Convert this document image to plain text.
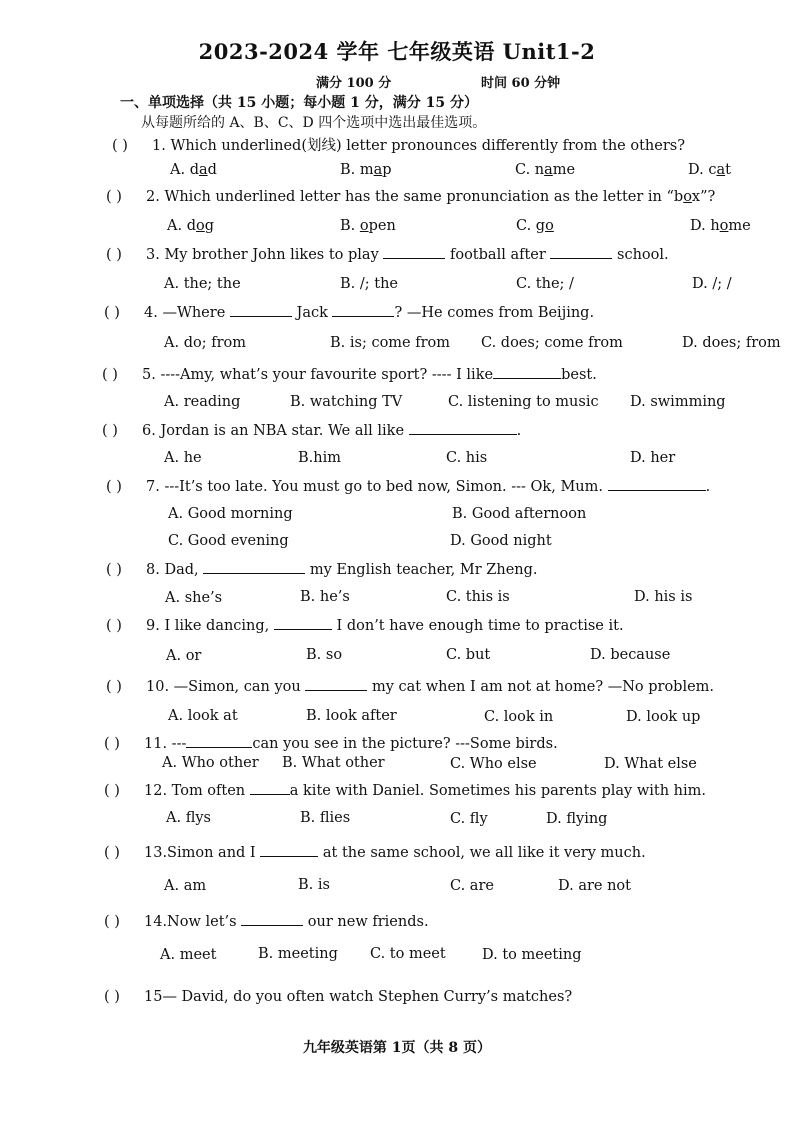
2023-2024 学年 七年级英语 Unit1-2
满分 100 分	时间 60 分钟
一、单项选择（共 15 小题；每小题 1 分，满分 15 分）
从每题所给的 A、B、C、D 四个选项中选出最佳选项。
( ) 1. Which underlined(划线) letter pronounces differently from the others?
A. dad	B. map	C. name	D. cat
( ) 2. Which underlined letter has the same pronunciation as the letter in “box”?
A. dog	B. open	C. go	D. home
( ) 3. My brother John likes to play	football after	school.
A. the; the	B. /; the	C. the; /	D. /; /
( ) 4. —Where	Jack	? —He comes from Beijing.
A. do; from	B. is; come from C. does; come from	D. does; from
( ) 5. ----Amy, what’s your favourite sport? ---- I like	best.
A. reading	B. watching TV	C. listening to music D. swimming
( ) 6. Jordan is an NBA star. We all like	.
A. he	B.him	C. his	D. her
( ) 7. ---It’s too late. You must go to bed now, Simon. --- Ok, Mum.	.
A. Good morning	B. Good afternoon
C. Good evening	D. Good night
( ) 8. Dad,	my English teacher, Mr Zheng.
A. she’s	B. he’s	C. this is	D. his is
( ) 9. I like dancing,	I don’t have enough time to practise it.
A. or	B. so	C. but	D. because
( ) 10. —Simon, can you	my cat when I am not at home? —No problem.
A. look at	B. look after	C. look in	D. look up
( ) 11. ---	can you see in the picture? ---Some birds.
A. Who other B. What other	C. Who else	D. What else
( ) 12. Tom often	a kite with Daniel. Sometimes his parents play with him.
A. flys	B. flies	C. fly	D. flying
( ) 13.Simon and I	at the same school, we all like it very much.
A. am	B. is	C. are	D. are not
( ) 14.Now let’s	our new friends.
A. meet	B. meeting C. to meet	D. to meeting
( ) 15— David, do you often watch Stephen Curry’s matches?
九年级英语第 1页（共 8 页）
